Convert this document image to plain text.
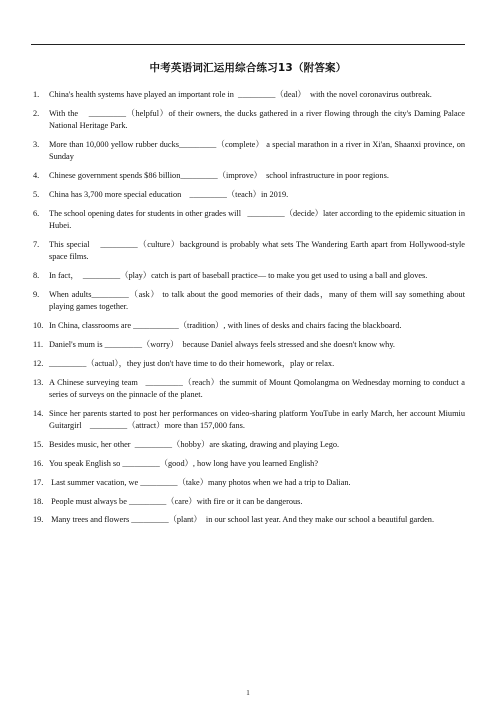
中考英语词汇运用综合练习13（附答案）
1. China's health systems have played an important role in  _________（deal）  with the novel coronavirus outbreak.
2. With the    _________（helpful）of their owners, the ducks gathered in a river flowing through the city's Daming Palace National Heritage Park.
3. More than 10,000 yellow rubber ducks_________（complete） a special marathon in a river in Xi'an, Shaanxi province, on Sunday
4. Chinese government spends $86 billion_________（improve）  school infrastructure in poor regions.
5. China has 3,700 more special education    _________（teach）in 2019.
6. The school opening dates for students in other grades will   _________（decide）later according to the epidemic situation in Hubei.
7. This special    _________（culture）background is probably what sets The Wandering Earth apart from Hollywood-style space films.
8. In fact，  _________（play）catch is part of baseball practice— to make you get used to using a ball and gloves.
9. When adults_________（ask） to talk about the good memories of their dads，many of them will say something about playing games together.
10. In China, classrooms are ___________（tradition）, with lines of desks and chairs facing the blackboard.
11. Daniel's mum is _________（worry）  because Daniel always feels stressed and she doesn't know why.
12. _________（actual），they just don't have time to do their homework，play or relax.
13. A Chinese surveying team   _________（reach）the summit of Mount Qomolangma on Wednesday morning to conduct a series of surveys on the pinnacle of the planet.
14. Since her parents started to post her performances on video-sharing platform YouTube in early March, her account Miumiu Guitargirl    _________（attract）more than 157,000 fans.
15. Besides music, her other  _________（hobby）are skating, drawing and playing Lego.
16. You speak English so _________（good）, how long have you learned English?
17. Last summer vacation, we _________（take）many photos when we had a trip to Dalian.
18. People must always be _________（care）with fire or it can be dangerous.
19. Many trees and flowers _________（plant）  in our school last year. And they make our school a beautiful garden.
1
